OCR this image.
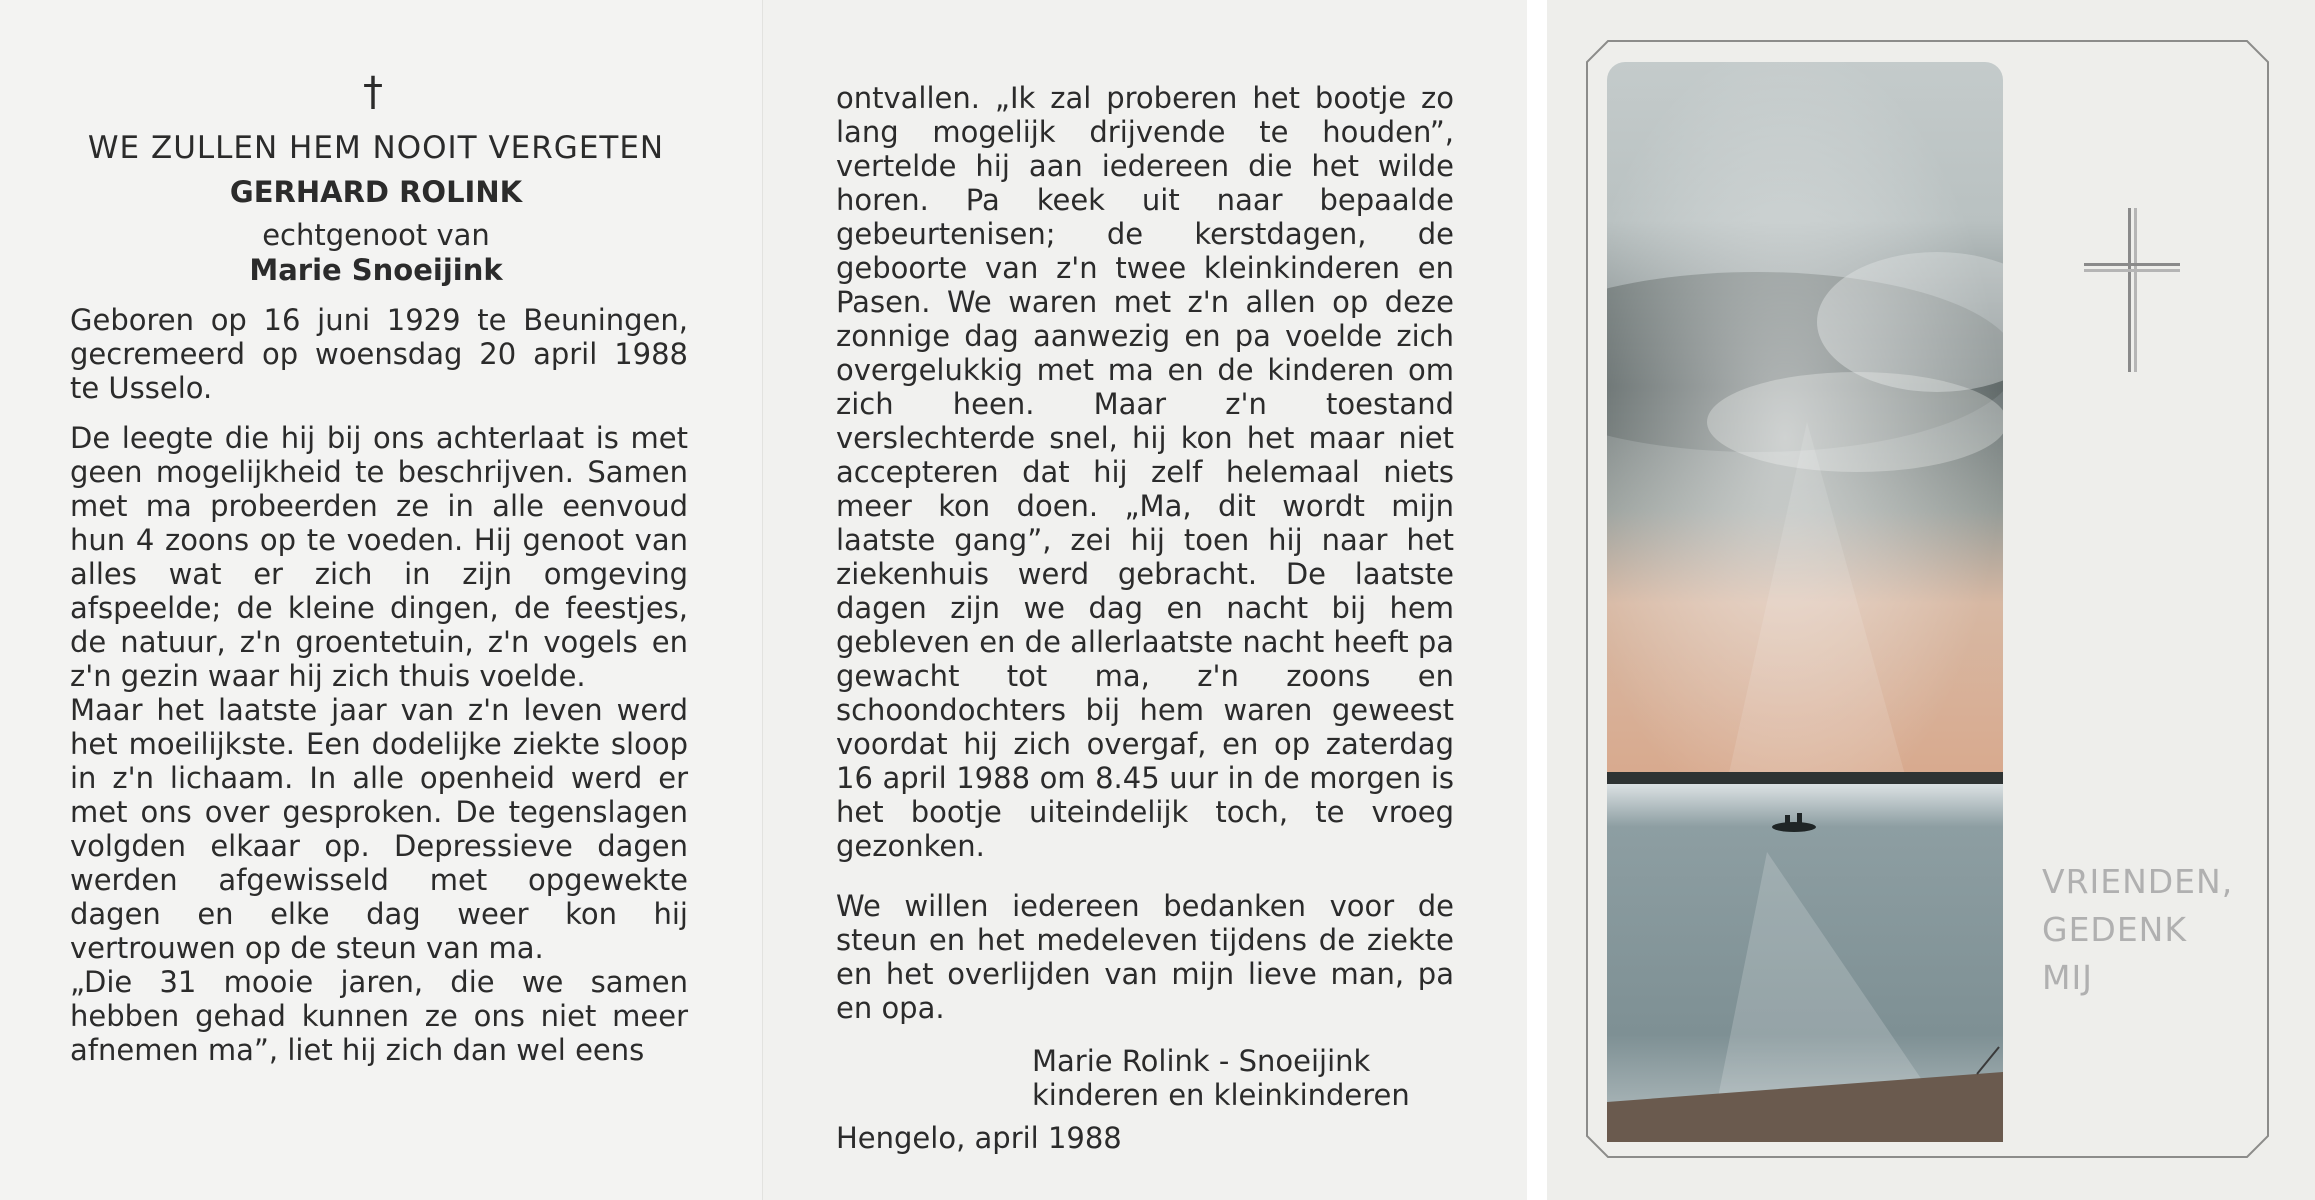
†
WE ZULLEN HEM NOOIT VERGETEN
GERHARD ROLINK
echtgenoot van
Marie Snoeijink

Geboren op 16 juni 1929 te Beuningen, gecremeerd op woensdag 20 april 1988 te Usselo.

De leegte die hij bij ons achterlaat is met geen mogelijkheid te beschrijven. Samen met ma probeerden ze in alle eenvoud hun 4 zoons op te voeden. Hij genoot van alles wat er zich in zijn omgeving afspeelde; de kleine dingen, de feestjes, de natuur, z'n groentetuin, z'n vogels en z'n gezin waar hij zich thuis voelde.

Maar het laatste jaar van z'n leven werd het moeilijkste. Een dodelijke ziekte sloop in z'n lichaam. In alle openheid werd er met ons over gesproken. De tegenslagen volgden elkaar op. Depressieve dagen werden afgewisseld met opgewekte dagen en elke dag weer kon hij vertrouwen op de steun van ma.

„Die 31 mooie jaren, die we samen hebben gehad kunnen ze ons niet meer afnemen ma”, liet hij zich dan wel eens

ontvallen. „Ik zal proberen het bootje zo lang mogelijk drijvende te houden”, vertelde hij aan iedereen die het wilde horen. Pa keek uit naar bepaalde gebeurtenisen; de kerstdagen, de geboorte van z'n twee kleinkinderen en Pasen. We waren met z'n allen op deze zonnige dag aanwezig en pa voelde zich overgelukkig met ma en de kinderen om zich heen. Maar z'n toestand verslechterde snel, hij kon het maar niet accepteren dat hij zelf helemaal niets meer kon doen. „Ma, dit wordt mijn laatste gang”, zei hij toen hij naar het ziekenhuis werd gebracht. De laatste dagen zijn we dag en nacht bij hem gebleven en de allerlaatste nacht heeft pa gewacht tot ma, z'n zoons en schoondochters bij hem waren geweest voordat hij zich overgaf, en op zaterdag 16 april 1988 om 8.45 uur in de morgen is het bootje uiteindelijk toch, te vroeg gezonken.

We willen iedereen bedanken voor de steun en het medeleven tijdens de ziekte en het overlijden van mijn lieve man, pa en opa.

Marie Rolink - Snoeijink
kinderen en kleinkinderen
Hengelo, april 1988
VRIENDEN,
GEDENK
MIJ
